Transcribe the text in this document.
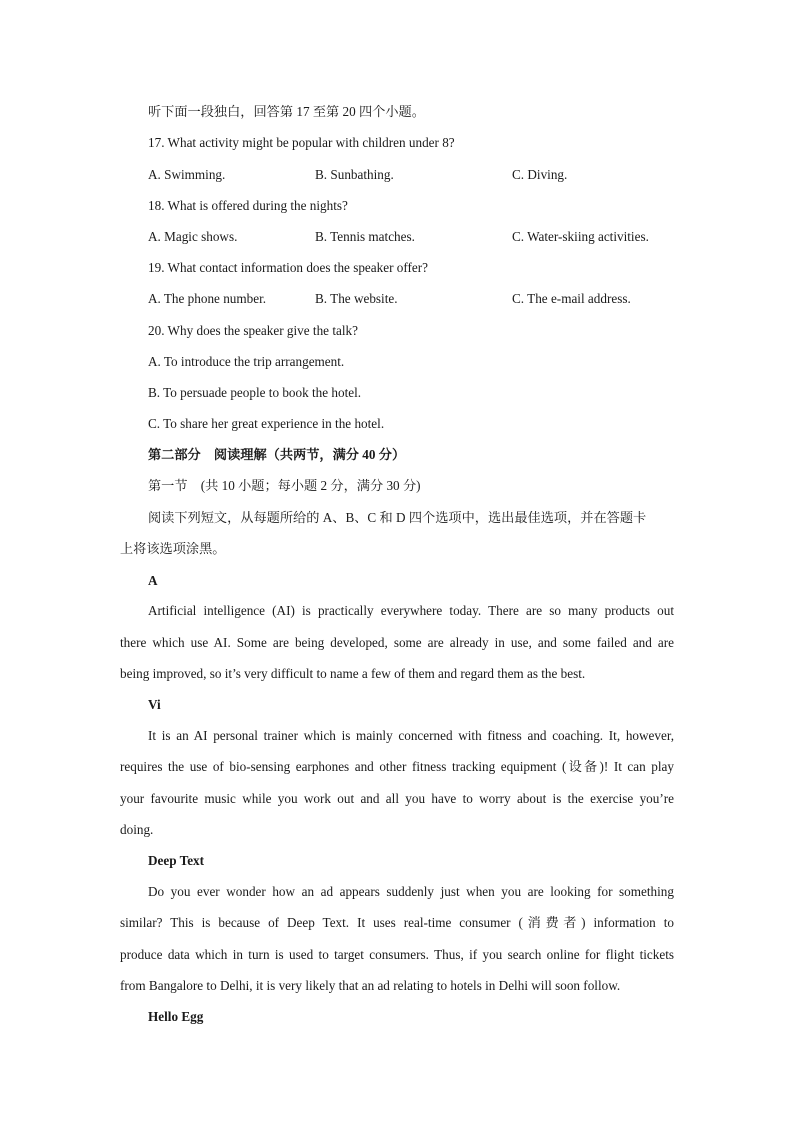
听下面一段独白，回答第 17 至第 20 四个小题。
17. What activity might be popular with children under 8?
A. Swimming.	B. Sunbathing.	C. Diving.
18. What is offered during the nights?
A. Magic shows.	B. Tennis matches.	C. Water-skiing activities.
19. What contact information does the speaker offer?
A. The phone number.	B. The website.	C. The e-mail address.
20. Why does the speaker give the talk?
A. To introduce the trip arrangement.
B. To persuade people to book the hotel.
C. To share her great experience in the hotel.
第二部分　阅读理解（共两节，满分 40 分）
第一节　(共 10 小题；每小题 2 分，满分 30 分)
阅读下列短文，从每题所给的 A、B、C 和 D 四个选项中，选出最佳选项，并在答题卡
上将该选项涂黑。
A
Artificial intelligence (AI) is practically everywhere today. There are so many products out
there which use AI. Some are being developed, some are already in use, and some failed and are
being improved, so it’s very difficult to name a few of them and regard them as the best.
Vi
It is an AI personal trainer which is mainly concerned with fitness and coaching. It, however,
requires the use of bio-sensing earphones and other fitness tracking equipment (设备)! It can play
your favourite music while you work out and all you have to worry about is the exercise you’re
doing.
Deep Text
Do you ever wonder how an ad appears suddenly just when you are looking for something
similar? This is because of Deep Text. It uses real-time consumer (消费者) information to
produce data which in turn is used to target consumers. Thus, if you search online for flight tickets
from Bangalore to Delhi, it is very likely that an ad relating to hotels in Delhi will soon follow.
Hello Egg
